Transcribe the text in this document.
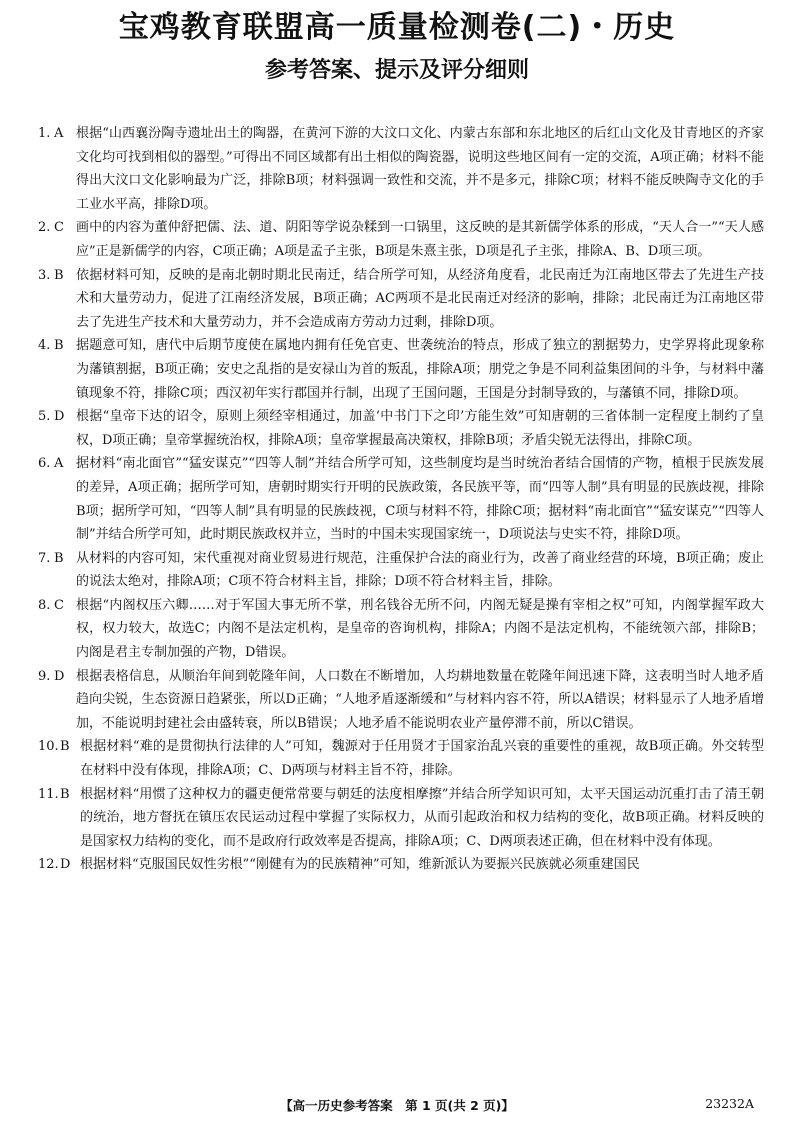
宝鸡教育联盟高一质量检测卷(二)・历史
参考答案、提示及评分细则

1. A 根据“山西襄汾陶寺遗址出土的陶器，在黄河下游的大汶口文化、内蒙古东部和东北地区的后红山文化及甘青地区的齐家文化均可找到相似的器型。”可得出不同区域都有出土相似的陶瓷器，说明这些地区间有一定的交流，A项正确；材料不能得出大汶口文化影响最为广泛，排除B项；材料强调一致性和交流，并不是多元，排除C项；材料不能反映陶寺文化的手工业水平高，排除D项。

2. C 画中的内容为董仲舒把儒、法、道、阴阳等学说杂糅到一口锅里，这反映的是其新儒学体系的形成，“天人合一”“天人感应”正是新儒学的内容，C项正确；A项是孟子主张，B项是朱熹主张，D项是孔子主张，排除A、B、D项三项。

3. B 依据材料可知，反映的是南北朝时期北民南迁，结合所学可知，从经济角度看，北民南迁为江南地区带去了先进生产技术和大量劳动力，促进了江南经济发展，B项正确；AC两项不是北民南迁对经济的影响，排除；北民南迁为江南地区带去了先进生产技术和大量劳动力，并不会造成南方劳动力过剩，排除D项。

4. B 据题意可知，唐代中后期节度使在属地内拥有任免官吏、世袭统治的特点，形成了独立的割据势力，史学界将此现象称为藩镇割据，B项正确；安史之乱指的是安禄山为首的叛乱，排除A项；朋党之争是不同利益集团间的斗争，与材料中藩镇现象不符，排除C项；西汉初年实行郡国并行制，出现了王国问题，王国是分封制导致的，与藩镇不同，排除D项。

5. D 根据“皇帝下达的诏令，原则上须经宰相通过，加盖‘中书门下之印’方能生效”可知唐朝的三省体制一定程度上制约了皇权，D项正确；皇帝掌握统治权，排除A项；皇帝掌握最高决策权，排除B项；矛盾尖锐无法得出，排除C项。

6. A 据材料“南北面官”“猛安谋克”“四等人制”并结合所学可知，这些制度均是当时统治者结合国情的产物，植根于民族发展的差异，A项正确；据所学可知，唐朝时期实行开明的民族政策，各民族平等，而“四等人制”具有明显的民族歧视，排除B项；据所学可知，“四等人制”具有明显的民族歧视，C项与材料不符，排除C项；据材料“南北面官”“猛安谋克”“四等人制”并结合所学可知，此时期民族政权并立，当时的中国未实现国家统一，D项说法与史实不符，排除D项。

7. B 从材料的内容可知，宋代重视对商业贸易进行规范，注重保护合法的商业行为，改善了商业经营的环境，B项正确；废止的说法太绝对，排除A项；C项不符合材料主旨，排除；D项不符合材料主旨，排除。

8. C 根据“内阁权压六卿……对于军国大事无所不掌，刑名钱谷无所不问，内阁无疑是操有宰相之权”可知，内阁掌握军政大权，权力较大，故选C；内阁不是法定机构，是皇帝的咨询机构，排除A；内阁不是法定机构，不能统领六部，排除B；内阁是君主专制加强的产物，D错误。

9. D 根据表格信息，从顺治年间到乾隆年间，人口数在不断增加，人均耕地数量在乾隆年间迅速下降，这表明当时人地矛盾趋向尖锐，生态资源日趋紧张，所以D正确；“人地矛盾逐渐缓和”与材料内容不符，所以A错误；材料显示了人地矛盾增加，不能说明封建社会由盛转衰，所以B错误；人地矛盾不能说明农业产量停滞不前，所以C错误。

10. B 根据材料“难的是贯彻执行法律的人”可知，魏源对于任用贤才于国家治乱兴衰的重要性的重视，故B项正确。外交转型在材料中没有体现，排除A项；C、D两项与材料主旨不符，排除。

11. B 根据材料“用惯了这种权力的疆吏便常常要与朝廷的法度相摩擦”并结合所学知识可知，太平天国运动沉重打击了清王朝的统治，地方督抚在镇压农民运动过程中掌握了实际权力，从而引起政治和权力结构的变化，故B项正确。材料反映的是国家权力结构的变化，而不是政府行政效率是否提高，排除A项；C、D两项表述正确，但在材料中没有体现。

12. D 根据材料“克服国民奴性劣根”“刚健有为的民族精神”可知，维新派认为要振兴民族就必须重建国民

【高一历史参考答案　第 1 页(共 2 页)】	23232A
